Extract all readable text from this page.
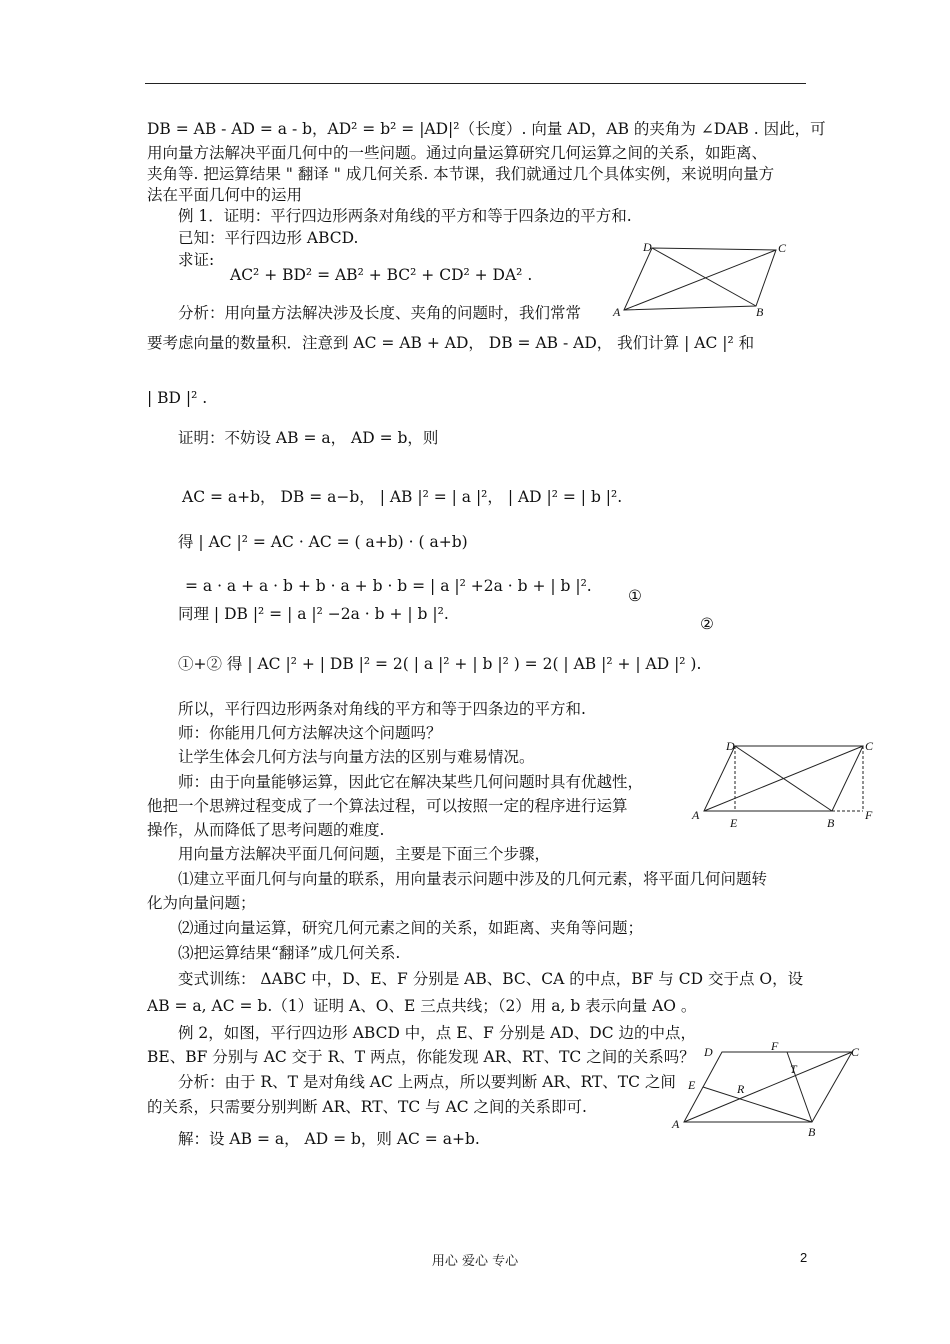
DB = AB - AD = a - b，AD² = b² = |AD|²（长度）. 向量 AD，AB 的夹角为 ∠DAB . 因此，可
用向量方法解决平面几何中的一些问题。通过向量运算研究几何运算之间的关系，如距离、
夹角等. 把运算结果 " 翻译 " 成几何关系. 本节课，我们就通过几个具体实例，来说明向量方
法在平面几何中的运用
例 1．证明：平行四边形两条对角线的平方和等于四条边的平方和.
已知：平行四边形 ABCD.
求证:
AC² + BD² = AB² + BC² + CD² + DA² .
分析：用向量方法解决涉及长度、夹角的问题时，我们常常
要考虑向量的数量积．注意到 AC = AB + AD， DB = AB - AD， 我们计算 | AC |² 和
| BD |² .
证明：不妨设 AB = a， AD = b，则
AC = a+b， DB = a−b， | AB |² = | a |²， | AD |² = | b |².
得 | AC |² = AC · AC = ( a+b) · ( a+b)
= a · a + a · b + b · a + b · b = | a |² +2a · b + | b |².
同理 | DB |² = | a |² −2a · b + | b |².
①+② 得 | AC |² + | DB |² = 2( | a |² + | b |² ) = 2( | AB |² + | AD |² ).
所以，平行四边形两条对角线的平方和等于四条边的平方和.
师：你能用几何方法解决这个问题吗？
让学生体会几何方法与向量方法的区别与难易情况。
师：由于向量能够运算，因此它在解决某些几何问题时具有优越性，
他把一个思辨过程变成了一个算法过程，可以按照一定的程序进行运算
操作，从而降低了思考问题的难度.
用向量方法解决平面几何问题，主要是下面三个步骤，
⑴建立平面几何与向量的联系，用向量表示问题中涉及的几何元素，将平面几何问题转
化为向量问题；
⑵通过向量运算，研究几何元素之间的关系，如距离、夹角等问题；
⑶把运算结果“翻译”成几何关系.
变式训练： ΔABC 中，D、E、F 分别是 AB、BC、CA 的中点，BF 与 CD 交于点 O，设
AB = a, AC = b.（1）证明 A、O、E 三点共线；（2）用 a, b 表示向量 AO 。
例 2，如图，平行四边形 ABCD 中，点 E、F 分别是 AD、DC 边的中点，
BE、BF 分别与 AC 交于 R、T 两点，你能发现 AR、RT、TC 之间的关系吗？
分析：由于 R、T 是对角线 AC 上两点，所以要判断 AR、RT、TC 之间
的关系，只需要分别判断 AR、RT、TC 与 AC 之间的关系即可.
解：设 AB = a， AD = b，则 AC = a+b.
①
②
D	C
A	B
D	C
A
E	B
F
D	F	C
T
E	R
A
B
用心 爱心 专心	2
